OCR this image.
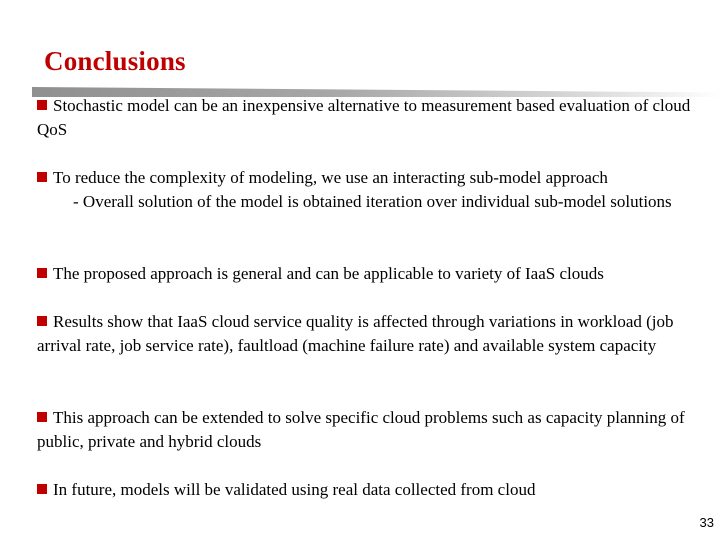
Conclusions
Stochastic model can be an inexpensive alternative to measurement based evaluation of cloud QoS
To reduce the complexity of modeling, we use an interacting sub-model approach
- Overall solution of the model is obtained iteration over individual sub-model solutions
The proposed approach is general and can be applicable to variety of IaaS clouds
Results show that IaaS cloud service quality is affected through variations in workload (job arrival rate, job service rate), faultload (machine failure rate) and available system capacity
This approach can be extended to solve specific cloud problems such as capacity planning of public, private and hybrid clouds
In future, models will be validated using real data collected from cloud
33
